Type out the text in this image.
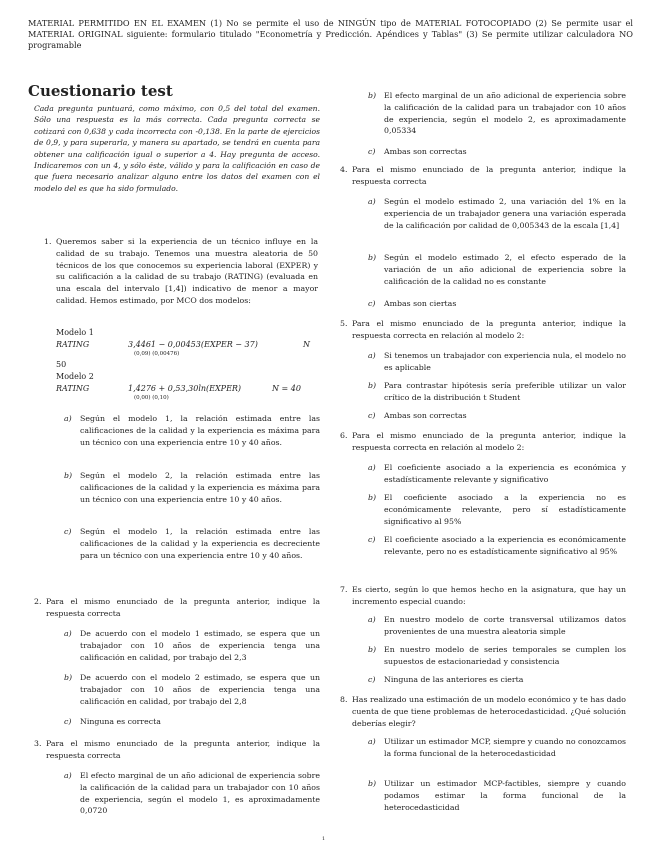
MATERIAL PERMITIDO EN EL EXAMEN (1) No se permite el uso de NINGÚN tipo de MATERIAL FOTOCOPIADO (2) Se permite usar el MATERIAL ORIGINAL siguiente: formulario titulado "Econometría y Predicción. Apéndices y Tablas" (3) Se permite utilizar calculadora NO programable
Cuestionario test
Cada pregunta puntuará, como máximo, con 0,5 del total del examen. Sólo una respuesta es la más correcta. Cada pregunta correcta se cotizará con 0,638 y cada incorrecta con -0,138. En la parte de ejercicios de 0,9, y para superarla, y manera su apartado, se tendrá en cuenta para obtener una calificación igual o superior a 4. Hay pregunta de acceso. Indicaremos con un 4, y sólo éste, válido y para la calificación en caso de que fuera necesario analizar alguno entre los datos del examen con el modelo del es que ha sido formulado.
1. Queremos saber si la experiencia de un técnico influye en la calidad de su trabajo. Tenemos una muestra aleatoria de 50 técnicos de los que conocemos su experiencia laboral (EXPER) y su calificación a la calidad de su trabajo (RATING) (evaluada en una escala del intervalo [1,4]) indicativo de menor a mayor calidad. Hemos estimado, por MCO dos modelos:
Modelo 1
RATING	3,4461 − 0,00453(EXPER − 37)	N
(0,09) (0,00476)
50
Modelo 2
RATING	1,4276 + 0,53,30ln(EXPER)	N = 40
(0,00) (0,10)
a) Según el modelo 1, la relación estimada entre las calificaciones de la calidad y la experiencia es máxima para un técnico con una experiencia entre 10 y 40 años.
b) Según el modelo 2, la relación estimada entre las calificaciones de la calidad y la experiencia es máxima para un técnico con una experiencia entre 10 y 40 años.
c) Según el modelo 1, la relación estimada entre las calificaciones de la calidad y la experiencia es decreciente para un técnico con una experiencia entre 10 y 40 años.
2. Para el mismo enunciado de la pregunta anterior, indique la respuesta correcta
a) De acuerdo con el modelo 1 estimado, se espera que un trabajador con 10 años de experiencia tenga una calificación en calidad, por trabajo del 2,3
b) De acuerdo con el modelo 2 estimado, se espera que un trabajador con 10 años de experiencia tenga una calificación en calidad, por trabajo del 2,8
c) Ninguna es correcta
3. Para el mismo enunciado de la pregunta anterior, indique la respuesta correcta
a) El efecto marginal de un año adicional de experiencia sobre la calificación de la calidad para un trabajador con 10 años de experiencia, según el modelo 1, es aproximadamente 0,0720
b) El efecto marginal de un año adicional de experiencia sobre la calificación de la calidad para un trabajador con 10 años de experiencia, según el modelo 2, es aproximadamente 0,05334
c) Ambas son correctas
4. Para el mismo enunciado de la pregunta anterior, indique la respuesta correcta
a) Según el modelo estimado 2, una variación del 1% en la experiencia de un trabajador genera una variación esperada de la calificación por calidad de 0,005343 de la escala [1,4]
b) Según el modelo estimado 2, el efecto esperado de la variación de un año adicional de experiencia sobre la calificación de la calidad no es constante
c) Ambas son ciertas
5. Para el mismo enunciado de la pregunta anterior, indique la respuesta correcta en relación al modelo 2:
a) Si tenemos un trabajador con experiencia nula, el modelo no es aplicable
b) Para contrastar hipótesis sería preferible utilizar un valor crítico de la distribución t Student
c) Ambas son correctas
6. Para el mismo enunciado de la pregunta anterior, indique la respuesta correcta en relación al modelo 2:
a) El coeficiente asociado a la experiencia es económica y estadísticamente relevante y significativo
b) El coeficiente asociado a la experiencia no es económicamente relevante, pero sí estadísticamente significativo al 95%
c) El coeficiente asociado a la experiencia es económicamente relevante, pero no es estadísticamente significativo al 95%
7. Es cierto, según lo que hemos hecho en la asignatura, que hay un incremento especial cuando:
a) En nuestro modelo de corte transversal utilizamos datos provenientes de una muestra aleatoria simple
b) En nuestro modelo de series temporales se cumplen los supuestos de estacionariedad y consistencia
c) Ninguna de las anteriores es cierta
8. Has realizado una estimación de un modelo económico y te has dado cuenta de que tiene problemas de heterocedasticidad. ¿Qué solución deberías elegir?
a) Utilizar un estimador MCP, siempre y cuando no conozcamos la forma funcional de la heterocedasticidad
b) Utilizar un estimador MCP-factibles, siempre y cuando podamos estimar la forma funcional de la heterocedasticidad
1
